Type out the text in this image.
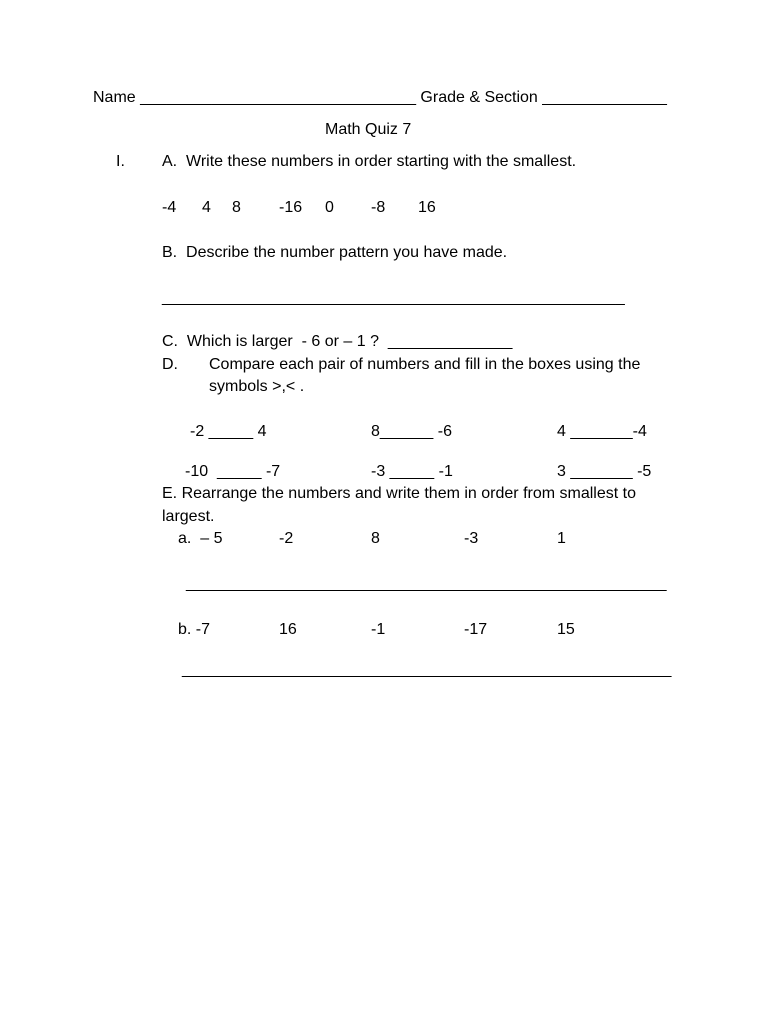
Name _______________________________ Grade & Section ______________
Math Quiz 7
I. A.  Write these numbers in order starting with the smallest.
-4 4 8 -16 0 -8 16
B.  Describe the number pattern you have made.
____________________________________________________
C.  Which is larger  - 6 or – 1 ?  ______________
D. Compare each pair of numbers and fill in the boxes using the
symbols >,< .
-2 _____ 4	8______ -6	4 _______-4
-10  _____ -7	-3 _____ -1	3 _______ -5
E. Rearrange the numbers and write them in order from smallest to
largest.
a.  – 5	-2	8	-3	1
______________________________________________________
b. -7	16	-1	-17	15
_______________________________________________________
